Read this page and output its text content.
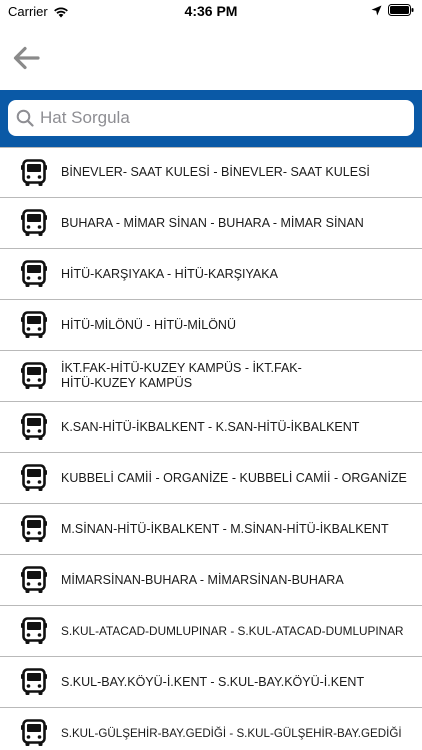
Carrier	4:36 PM
Hat Sorgula
BİNEVLER- SAAT KULESİ - BİNEVLER- SAAT KULESİ
BUHARA - MİMAR SİNAN - BUHARA - MİMAR SİNAN
HİTÜ-KARŞIYAKA - HİTÜ-KARŞIYAKA
HİTÜ-MİLÖNÜ - HİTÜ-MİLÖNÜ
İKT.FAK-HİTÜ-KUZEY KAMPÜS - İKT.FAK-HİTÜ-KUZEY KAMPÜS
K.SAN-HİTÜ-İKBALKENT - K.SAN-HİTÜ-İKBALKENT
KUBBELİ CAMİİ - ORGANİZE - KUBBELİ CAMİİ - ORGANİZE
M.SİNAN-HİTÜ-İKBALKENT - M.SİNAN-HİTÜ-İKBALKENT
MİMARSİNAN-BUHARA - MİMARSİNAN-BUHARA
S.KUL-ATACAD-DUMLUPINAR - S.KUL-ATACAD-DUMLUPINAR
S.KUL-BAY.KÖYÜ-İ.KENT - S.KUL-BAY.KÖYÜ-İ.KENT
S.KUL-GÜLŞEHİR-BAY.GEDİĞİ - S.KUL-GÜLŞEHİR-BAY.GEDİĞİ
